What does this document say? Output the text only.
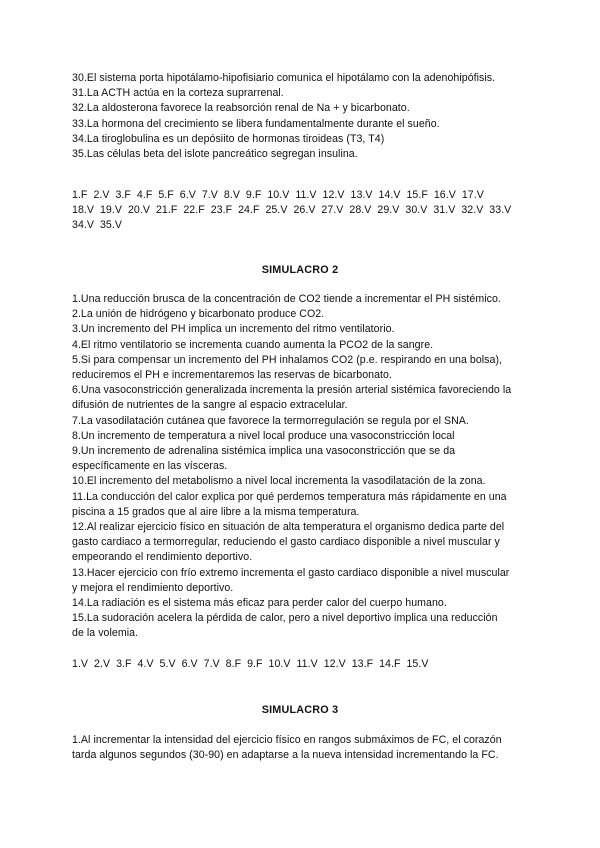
30.El sistema porta hipotálamo-hipofisiario comunica el hipotálamo con la adenohipófisis.
31.La ACTH actúa en la corteza suprarrenal.
32.La aldosterona favorece la reabsorción renal de Na + y bicarbonato.
33.La hormona del crecimiento se libera fundamentalmente durante el sueño.
34.La tiroglobulina es un depósiito de hormonas tiroideas (T3, T4)
35.Las células beta del islote pancreático segregan insulina.
1.F  2.V  3.F  4.F  5.F  6.V  7.V  8.V  9.F  10.V  11.V  12.V  13.V  14.V  15.F  16.V  17.V
18.V  19.V  20.V  21.F  22.F  23.F  24.F  25.V  26.V  27.V  28.V  29.V  30.V  31.V  32.V  33.V
34.V  35.V
SIMULACRO 2
1.Una reducción brusca de la concentración de CO2 tiende a incrementar el PH sistémico.
2.La unión de hidrógeno y bicarbonato produce CO2.
3.Un incremento del PH implica un incremento del ritmo ventilatorio.
4.El ritmo ventilatorio se incrementa cuando aumenta la PCO2 de la sangre.
5.Si para compensar un incremento del PH inhalamos CO2 (p.e. respirando en una bolsa),
reduciremos el PH e incrementaremos las reservas de bicarbonato.
6.Una vasoconstricción generalizada incrementa la presión arterial sistémica favoreciendo la
difusión de nutrientes de la sangre al espacio extracelular.
7.La vasodilatación cutánea que favorece la termorregulación se regula por el SNA.
8.Un incremento de temperatura a nivel local produce una vasoconstricción local
9.Un incremento de adrenalina sistémica implica una vasoconstricción que se da
específicamente en las vísceras.
10.El incremento del metabolismo a nivel local incrementa la vasodilatación de la zona.
11.La conducción del calor explica por qué perdemos temperatura más rápidamente en una
piscina a 15 grados que al aire libre a la misma temperatura.
12.Al realizar ejercicio físico en situación de alta temperatura el organismo dedica parte del
gasto cardiaco a termorregular, reduciendo el gasto cardiaco disponible a nivel muscular y
empeorando el rendimiento deportivo.
13.Hacer ejercicio con frío extremo incrementa el gasto cardiaco disponible a nivel muscular
y mejora el rendimiento deportivo.
14.La radiación es el sistema más eficaz para perder calor del cuerpo humano.
15.La sudoración acelera la pérdida de calor, pero a nivel deportivo implica una reducción
de la volemia.
1.V  2.V  3.F  4.V  5.V  6.V  7.V  8.F  9.F  10.V  11.V  12.V  13.F  14.F  15.V
SIMULACRO 3
1.Al incrementar la intensidad del ejercicio físico en rangos submáximos de FC, el corazón
tarda algunos segundos (30-90) en adaptarse a la nueva intensidad incrementando la FC.
